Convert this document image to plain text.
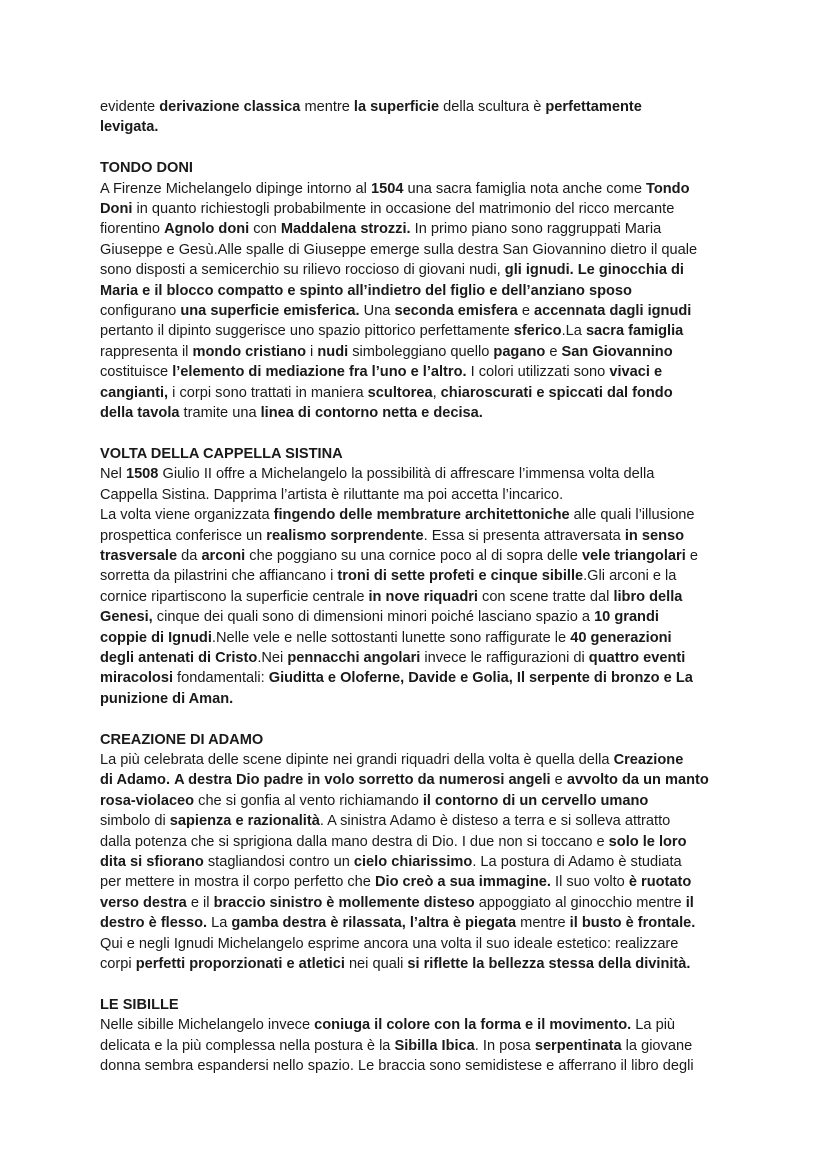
evidente derivazione classica mentre la superficie della scultura è perfettamente
levigata.

TONDO DONI

A Firenze Michelangelo dipinge intorno al 1504 una sacra famiglia nota anche come Tondo
Doni in quanto richiestogli probabilmente in occasione del matrimonio del ricco mercante
fiorentino Agnolo doni con Maddalena strozzi. In primo piano sono raggruppati Maria
Giuseppe e Gesù.Alle spalle di Giuseppe emerge sulla destra San Giovannino dietro il quale
sono disposti a semicerchio su rilievo roccioso di giovani nudi, gli ignudi. Le ginocchia di
Maria e il blocco compatto e spinto all’indietro del figlio e dell’anziano sposo
configurano una superficie emisferica. Una seconda emisfera e accennata dagli ignudi
pertanto il dipinto suggerisce uno spazio pittorico perfettamente sferico.La sacra famiglia
rappresenta il mondo cristiano i nudi simboleggiano quello pagano e San Giovannino
costituisce l’elemento di mediazione fra l’uno e l’altro. I colori utilizzati sono vivaci e
cangianti, i corpi sono trattati in maniera scultorea, chiaroscurati e spiccati dal fondo
della tavola tramite una linea di contorno netta e decisa.

VOLTA DELLA CAPPELLA SISTINA

Nel 1508 Giulio II offre a Michelangelo la possibilità di affrescare l’immensa volta della
Cappella Sistina. Dapprima l’artista è riluttante ma poi accetta l’incarico.
La volta viene organizzata fingendo delle membrature architettoniche alle quali l’illusione
prospettica conferisce un realismo sorprendente. Essa si presenta attraversata in senso
trasversale da arconi che poggiano su una cornice poco al di sopra delle vele triangolari e
sorretta da pilastrini che affiancano i troni di sette profeti e cinque sibille.Gli arconi e la
cornice ripartiscono la superficie centrale in nove riquadri con scene tratte dal libro della
Genesi, cinque dei quali sono di dimensioni minori poiché lasciano spazio a 10 grandi
coppie di Ignudi.Nelle vele e nelle sottostanti lunette sono raffigurate le 40 generazioni
degli antenati di Cristo.Nei pennacchi angolari invece le raffigurazioni di quattro eventi
miracolosi fondamentali: Giuditta e Oloferne, Davide e Golia, Il serpente di bronzo e La
punizione di Aman.

CREAZIONE DI ADAMO

La più celebrata delle scene dipinte nei grandi riquadri della volta è quella della Creazione
di Adamo. A destra Dio padre in volo sorretto da numerosi angeli e avvolto da un manto
rosa-violaceo che si gonfia al vento richiamando il contorno di un cervello umano
simbolo di sapienza e razionalità. A sinistra Adamo è disteso a terra e si solleva attratto
dalla potenza che si sprigiona dalla mano destra di Dio. I due non si toccano e solo le loro
dita si sfiorano stagliandosi contro un cielo chiarissimo. La postura di Adamo è studiata
per mettere in mostra il corpo perfetto che Dio creò a sua immagine. Il suo volto è ruotato
verso destra e il braccio sinistro è mollemente disteso appoggiato al ginocchio mentre il
destro è flesso. La gamba destra è rilassata, l’altra è piegata mentre il busto è frontale.
Qui e negli Ignudi Michelangelo esprime ancora una volta il suo ideale estetico: realizzare
corpi perfetti proporzionati e atletici nei quali si riflette la bellezza stessa della divinità.

LE SIBILLE

Nelle sibille Michelangelo invece coniuga il colore con la forma e il movimento. La più
delicata e la più complessa nella postura è la Sibilla Ibica. In posa serpentinata la giovane
donna sembra espandersi nello spazio. Le braccia sono semidistese e afferrano il libro degli
